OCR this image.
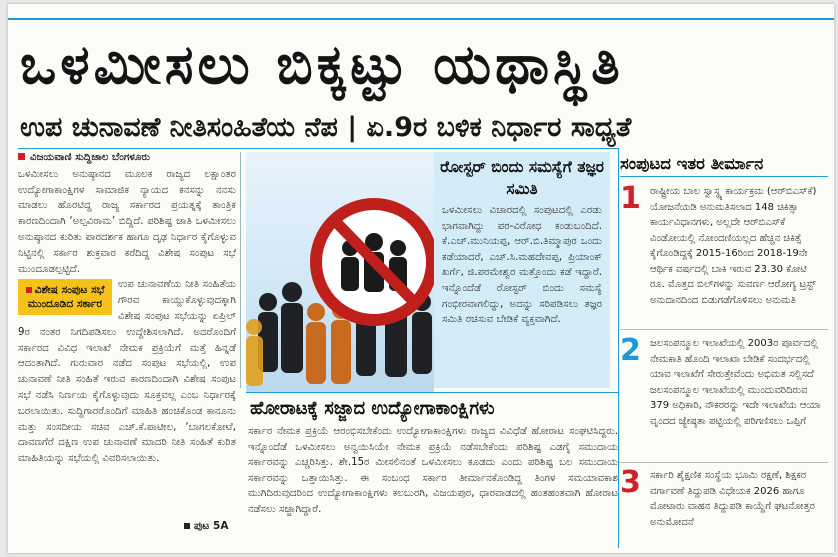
ಒಳಮೀಸಲು ಬಿಕ್ಕಟ್ಟು ಯಥಾಸ್ಥಿತಿ
ಉಪ ಚುನಾವಣೆ ನೀತಿಸಂಹಿತೆಯ ನೆಪ | ಏ.9ರ ಬಳಿಕ ನಿರ್ಧಾರ ಸಾಧ್ಯತೆ
ವಿಜಯವಾಣಿ ಸುದ್ದಿಜಾಲ ಬೆಂಗಳೂರು

ಒಳಮೀಸಲು ಅನುಷ್ಠಾನದ ಮೂಲಕ ರಾಜ್ಯದ ಲಕ್ಷಾಂತರ ಉದ್ಯೋಗಾಕಾಂಕ್ಷಿಗಳ ಸಾಮಾಜಿಕ ನ್ಯಾಯದ ಕನಸನ್ನು ನನಸು ಮಾಡಲು ಹೊರಟಿದ್ದ ರಾಜ್ಯ ಸರ್ಕಾರದ ಪ್ರಯತ್ನಕ್ಕೆ ತಾಂತ್ರಿಕ ಕಾರಣದಿಂದಾಗಿ ‘ಅಲ್ಪವಿರಾಮ’ ಬಿದ್ದಿದೆ. ಪರಿಶಿಷ್ಟ ಜಾತಿ ಒಳಮೀಸಲು ಅನುಷ್ಠಾನದ ಕುರಿತು ಪಾರದರ್ಶಕ ಹಾಗೂ ದೃಢ ನಿರ್ಧಾರ ಕೈಗೊಳ್ಳುವ ನಿಟ್ಟಿನಲ್ಲಿ ಸರ್ಕಾರ ಶುಕ್ರವಾರ ಕರೆದಿದ್ದ ವಿಶೇಷ ಸಂಪುಟ ಸಭೆ ಮುಂದೂಡಲ್ಪಟ್ಟಿದೆ.

ವಿಶೇಷ ಸಂಪುಟ ಸಭೆ ಮುಂದೂಡಿದ ಸರ್ಕಾರ

ಉಪ ಚುನಾವಣೆಯ ನೀತಿ ಸಂಹಿತೆಯ ಗೌರವ ಕಾಯ್ದುಕೊಳ್ಳುವುದಕ್ಕಾಗಿ ವಿಶೇಷ ಸಂಪುಟ ಸಭೆಯನ್ನು ಏಪ್ರಿಲ್ 9ರ ನಂತರ ನಿಗದಿಪಡಿಸಲು ಉದ್ದೇಶಿಸಲಾಗಿದೆ. ಅದರೊಂದಿಗೆ ಸರ್ಕಾರದ ವಿವಿಧ ಇಲಾಖೆ ನೇಮಕ ಪ್ರಕ್ರಿಯೆಗೆ ಮತ್ತೆ ಹಿನ್ನಡೆ ಆದಂತಾಗಿದೆ. ಗುರುವಾರ ನಡೆದ ಸಂಪುಟ ಸಭೆಯಲ್ಲಿ, ಉಪ ಚುನಾವಣೆ ನೀತಿ ಸಂಹಿತೆ ಇರುವ ಕಾರಣದಿಂದಾಗಿ ವಿಶೇಷ ಸಂಪುಟ ಸಭೆ ನಡೆಸಿ ನಿರ್ಣಯ ಕೈಗೊಳ್ಳುವುದು ಸೂಕ್ತವಲ್ಲ ಎಂಬ ನಿರ್ಧಾರಕ್ಕೆ ಬರಲಾಯಿತು. ಸುದ್ದಿಗಾರರೊಂದಿಗೆ ಮಾಹಿತಿ ಹಂಚಿಕೊಂಡ ಕಾನೂನು ಮತ್ತು ಸಂಸದೀಯ ಸಚಿವ ಎಚ್.ಕೆ.ಪಾಟೀಲ, ‘ಬಾಗಲಕೋಟೆ, ದಾವಣಗೆರೆ ದಕ್ಷಿಣ ಉಪ ಚುನಾವಣೆ ಮಾದರಿ ನೀತಿ ಸಂಹಿತೆ ಕುರಿತ ಮಾಹಿತಿಯನ್ನು ಸಭೆಯಲ್ಲಿ ವಿವರಿಸಲಾಯಿತು.

ಪುಟ 5A
ರೋಸ್ಟರ್ ಬಿಂದು ಸಮಸ್ಯೆಗೆ ತಜ್ಞರ ಸಮಿತಿ
ಒಳಮೀಸಲು ವಿಚಾರದಲ್ಲಿ ಸಂಪುಟದಲ್ಲಿ ಎರಡು ಭಾಗವಾಗಿದ್ದು ಪರ-ವಿರೋಧ ಕಂಡುಬಂದಿದೆ. ಕೆ.ಎಚ್.ಮುನಿಯಪ್ಪ, ಆರ್.ಬಿ.ತಿಮ್ಮಾಪುರ ಒಂದು ಕಡೆಯಾದರೆ, ಎಚ್.ಸಿ.ಮಹದೇವಪ್ಪ, ಪ್ರಿಯಾಂಕ್ ಖರ್ಗೆ, ಜಿ.ಪರಮೇಶ್ವರ ಮತ್ತೊಂದು ಕಡೆ ಇದ್ದಾರೆ. ಇನ್ನೊಂದೆಡೆ ರೋಸ್ಟರ್ ಬಿಂದು ಸಮಸ್ಯೆ ಗಂಭೀರವಾಗಲಿದ್ದು, ಅದನ್ನು ಸರಿಪಡಿಸಲು ತಜ್ಞರ ಸಮಿತಿ ರಚಿಸುವ ಬೇಡಿಕೆ ವ್ಯಕ್ತವಾಗಿದೆ.
ಹೋರಾಟಕ್ಕೆ ಸಜ್ಜಾದ ಉದ್ಯೋಗಾಕಾಂಕ್ಷಿಗಳು
ಸರ್ಕಾರ ನೇಮಕ ಪ್ರಕ್ರಿಯೆ ಆರಂಭಿಸಬೇಕೆಂದು ಉದ್ಯೋಗಾಕಾಂಕ್ಷಿಗಳು ರಾಜ್ಯದ ವಿವಿಧೆಡೆ ಹೋರಾಟ ಸಂಘಟಿಸಿದ್ದರು. ಇನ್ನೊಂದೆಡೆ ಒಳಮೀಸಲು ಅನ್ವಯಿಸಿಯೇ ನೇಮಕ ಪ್ರಕ್ರಿಯೆ ನಡೆಸಬೇಕೆಂದು ಪರಿಶಿಷ್ಟ ಎಡಗೈ ಸಮುದಾಯ ಸರ್ಕಾರವನ್ನು ಎಚ್ಚರಿಸಿತ್ತು. ಶೇ.15ರ ಮೀಸಲಿನಂತೆ ಒಳಮೀಸಲು ಕೂಡದು ಎಂದು ಪರಿಶಿಷ್ಟ ಬಲ ಸಮುದಾಯ ಸರ್ಕಾರವನ್ನು ಒತ್ತಾಯಿಸಿತ್ತು. ಈ ಸಂಬಂಧ ಸರ್ಕಾರ ತೀರ್ಮಾನಕೊಂಡಿದ್ದ ತಿಂಗಳ ಸಮಯಾವಕಾಶ ಮುಗಿದಿರುವುದರಿಂದ ಉದ್ಯೋಗಾಕಾಂಕ್ಷಿಗಳು ಕಲಬುರಗಿ, ವಿಜಯಪುರ, ಧಾರವಾಡದಲ್ಲಿ ಹಂತಹಂತವಾಗಿ ಹೋರಾಟ ನಡೆಸಲು ಸಜ್ಜಾಗಿದ್ದಾರೆ.
ಸಂಪುಟದ ಇತರ ತೀರ್ಮಾನ
1 ರಾಷ್ಟ್ರೀಯ ಬಾಲ ಸ್ವಾಸ್ಥ್ಯ ಕಾರ್ಯಕ್ರಮ (ಆರ್‌ಬಿಎಸ್‌ಕೆ) ಯೋಜನೆಯಡಿ ಅನುಮತಿಸಲಾದ 148 ಚಿಕಿತ್ಸಾ ಕಾರ್ಯವಿಧಾನಗಳು, ಅಲ್ಲದೇ ಆರ್‌ಬಿಎಸ್‌ಕೆ ವಿಂಡೋಯಲ್ಲಿ ನೋಂದಣಿಯಲ್ಲದ ಹೆಚ್ಚಿನ ಚಿಕಿತ್ಸೆ ಕೈಗೊಂಡಿದ್ದಕ್ಕೆ 2015-16ರಿಂದ 2018-19ನೇ ಆರ್ಥಿಕ ವರ್ಷದಲ್ಲಿ ಬಾಕಿ ಇರುವ 23.30 ಕೋಟಿ ರೂ. ಮೊತ್ತದ ಬಿಲ್‌ಗಳನ್ನು ಸುವರ್ಣ ಆರೋಗ್ಯ ಟ್ರಸ್ಟ್ ಅನುದಾನದಿಂದ ಬಿಡುಗಡೆಗೊಳಿಸಲು ಅನುಮತಿ
2 ಜಲಸಂಪನ್ಮೂಲ ಇಲಾಖೆಯಲ್ಲಿ 2003ರ ಪೂರ್ವದಲ್ಲಿ ನೇಮಕಾತಿ ಹೊಂದಿ ಇಲಾಖಾ ಬೇಡಿಕೆ ಸಂದರ್ಭದಲ್ಲಿ ಯಾವ ಇಲಾಖೆಗೆ ಸೇರುತ್ತೇವೆಂದು ಅಭಿಮತ ಸಲ್ಲಿಸದೆ ಜಲಸಂಪನ್ಮೂಲ ಇಲಾಖೆಯಲ್ಲಿ ಮುಂದುವರಿದಿರುವ 379 ಅಧಿಕಾರಿ, ನೌಕರರನ್ನು ಇದೇ ಇಲಾಖೆಯ ಆಯಾ ವೃಂದದ ಜ್ಯೇಷ್ಠತಾ ಪಟ್ಟಿಯಲ್ಲಿ ಪರಿಗಣಿಸಲು ಒಪ್ಪಿಗೆ
3 ಸರ್ಕಾರಿ ಶೈಕ್ಷಣಿಕ ಸಂಸ್ಥೆಯ ಭೂಮಿ ರಕ್ಷಣೆ, ಶಿಕ್ಷಕರ ವರ್ಗಾವಣೆ ತಿದ್ದುಪಡಿ ವಿಧೇಯಕ 2026 ಹಾಗೂ ಮೋಟಾರು ವಾಹನ ತಿದ್ದುಪಡಿ ಕಾಯ್ದೆಗೆ ಘಟನೋತ್ತರ ಅನುಮೋದನೆ
